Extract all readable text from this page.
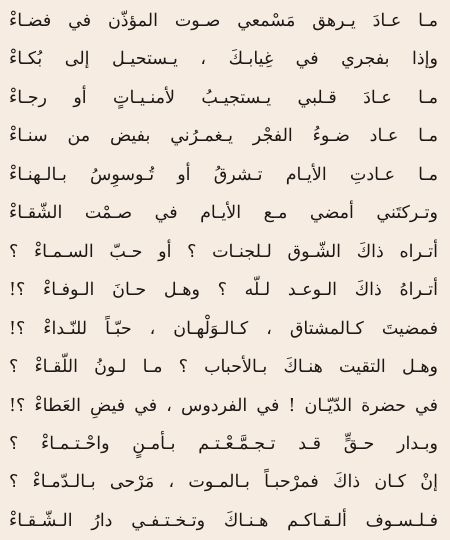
مـا عـادَ يـرهق مَسْمعي صـوت المؤذّن في فضـاءْ
وإذا بفجري في غِيابـكَ ، يـستحيـل إلى بُكـاءْ
مـا عـادَ قـلبي يـستجيـبُ لأمنـيـاتٍ أو رجـاءْ
مـا عـاد ضـوءُ الفجْر يـغمـرُني بفيض من سنـاءْ
مـا عـادتِ الأيـام تـشرقُ أو تُـوسوِسُ بـالـهنـاءْ
وتـركتَني أمضي مـع الأيـام في صـمْت الشّقـاءْ
أتـراه ذاكَ الشّـوق لـلجنـات ؟ أو حـبّ السـمـاءْ ؟
أتـراهُ ذاكَ الـوعـد لـلّه ؟ وهـل حـانَ الـوفـاءْ ؟!
فمضيتَ كـالمشتاق ، كـالـوَلْهـان ، حبّـاً للنّـداءْ ؟!
وهـل التقيت هنـاكَ بـالأحباب ؟ مـا لـونُ اللّقـاءْ ؟
في حضرة الدّيّـان ! في الفردوس ، في فيضِ العَطاءْ ؟!
وبـدار حـقٍّ قـد تـجـمَّـعْـتـم بـأمـنٍ واحْـتـمـاءْ ؟
إنْ كـان ذاكَ فمرْحبـاً بـالمـوت ، مَرْحى بـالـدّمـاءْ ؟
فـلـسـوف ألـقـاكـم هـنـاكَ وتـخـتـفـي دارُ الـشّـقـاءْ
